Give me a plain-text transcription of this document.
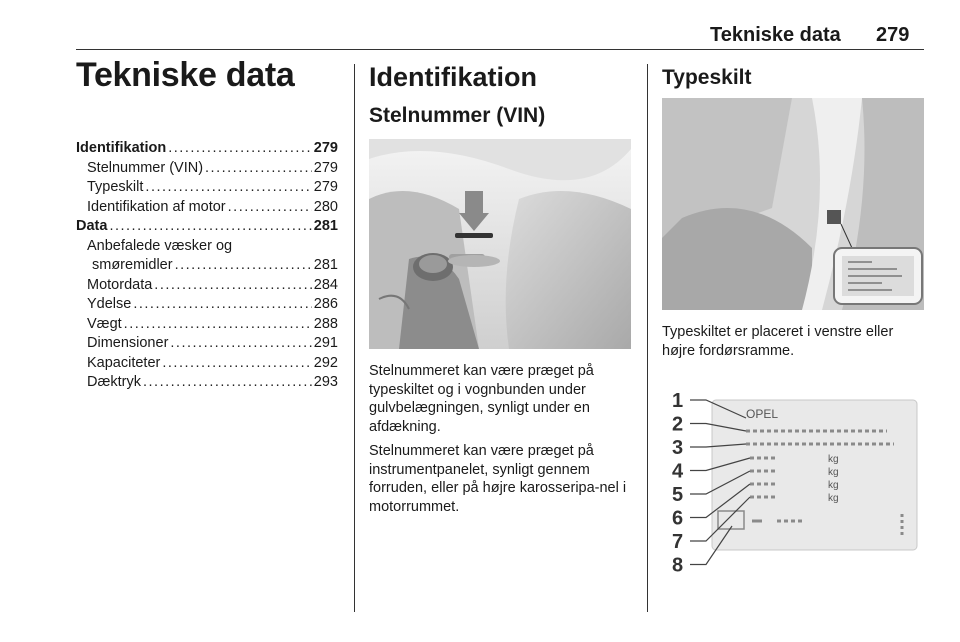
Tekniske data 279
Tekniske data
Identifikation .....	279
Stelnummer (VIN) .....	279
Typeskilt .....	279
Identifikation af motor .....	280
Data .....	281
Anbefalede væsker og
smøremidler .....	281
Motordata .....	284
Ydelse .....	286
Vægt .....	288
Dimensioner .....	291
Kapaciteter .....	292
Dæktryk .....	293
Identifikation
Stelnummer (VIN)
Stelnummeret kan være præget på typeskiltet og i vognbunden under gulvbelægningen, synligt under en afdækning.
Stelnummeret kan være præget på instrumentpanelet, synligt gennem forruden, eller på højre karosseripa-nel i motorrummet.
Typeskilt
Typeskiltet er placeret i venstre eller højre fordørsramme.
OPEL
kg
kg
kg
kg
1
2
3
4
5
6
7
8
